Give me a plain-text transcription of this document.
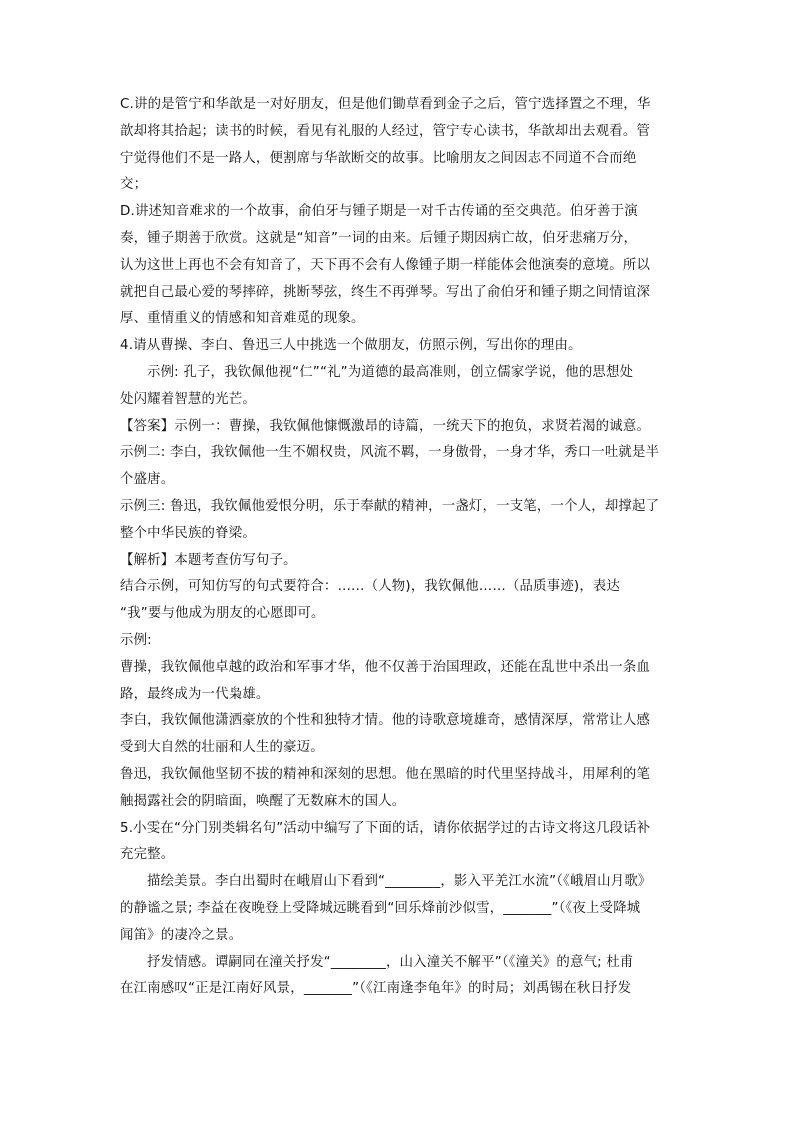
C.讲的是管宁和华歆是一对好朋友，但是他们锄草看到金子之后，管宁选择置之不理，华
歆却将其拾起；读书的时候，看见有礼服的人经过，管宁专心读书，华歆却出去观看。管
宁觉得他们不是一路人，便割席与华歆断交的故事。比喻朋友之间因志不同道不合而绝
交；
D.讲述知音难求的一个故事，俞伯牙与锺子期是一对千古传诵的至交典范。伯牙善于演
奏，锺子期善于欣赏。这就是“知音”一词的由来。后锺子期因病亡故，伯牙悲痛万分，
认为这世上再也不会有知音了，天下再不会有人像锺子期一样能体会他演奏的意境。所以
就把自己最心爱的琴摔碎，挑断琴弦，终生不再弹琴。写出了俞伯牙和锺子期之间情谊深
厚、重情重义的情感和知音难觅的现象。
4.请从曹操、李白、鲁迅三人中挑选一个做朋友，仿照示例，写出你的理由。
示例: 孔子，我钦佩他视“仁”“礼”为道德的最高准则，创立儒家学说，他的思想处
处闪耀着智慧的光芒。
【答案】示例一：曹操，我钦佩他慷慨激昂的诗篇，一统天下的抱负，求贤若渴的诚意。
示例二: 李白，我钦佩他一生不媚权贵，风流不羁，一身傲骨，一身才华，秀口一吐就是半
个盛唐。
示例三: 鲁迅，我钦佩他爱恨分明，乐于奉献的精神，一盏灯，一支笔，一个人，却撑起了
整个中华民族的脊梁。
【解析】本题考查仿写句子。
结合示例，可知仿写的句式要符合：……（人物)，我钦佩他……（品质事迹)，表达
“我”要与他成为朋友的心愿即可。
示例:
曹操，我钦佩他卓越的政治和军事才华，他不仅善于治国理政，还能在乱世中杀出一条血
路，最终成为一代枭雄。
李白，我钦佩他潇洒豪放的个性和独特才情。他的诗歌意境雄奇，感情深厚，常常让人感
受到大自然的壮丽和人生的豪迈。
鲁迅，我钦佩他坚韧不拔的精神和深刻的思想。他在黑暗的时代里坚持战斗，用犀利的笔
触揭露社会的阴暗面，唤醒了无数麻木的国人。
5.小雯在“分门别类辑名句”活动中编写了下面的话，请你依据学过的古诗文将这几段话补
充完整。
描绘美景。李白出蜀时在峨眉山下看到“________，影入平羌江水流”（《峨眉山月歌》
的静谧之景; 李益在夜晚登上受降城远眺看到“回乐烽前沙似雪，_______”（《夜上受降城
闻笛》的凄冷之景。
抒发情感。谭嗣同在潼关抒发“________，山入潼关不解平”（《潼关》的意气; 杜甫
在江南感叹“正是江南好风景，_______”（《江南逢李龟年》的时局；刘禹锡在秋日抒发
